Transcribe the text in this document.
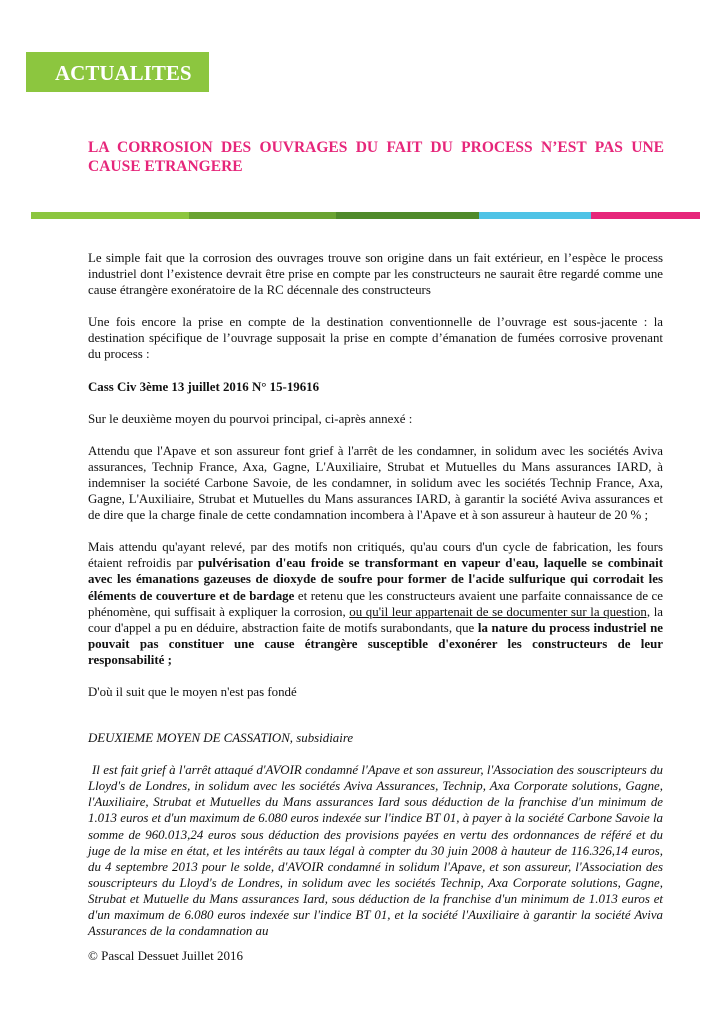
ACTUALITES
LA CORROSION DES OUVRAGES DU FAIT DU PROCESS N’EST PAS UNE CAUSE ETRANGERE

Le simple fait que la corrosion des ouvrages trouve son origine dans un fait extérieur, en l’espèce le process industriel dont l’existence devrait être prise en compte par les constructeurs ne saurait être regardé comme une cause étrangère exonératoire de la RC décennale des constructeurs

Une fois encore la prise en compte de la destination conventionnelle de l’ouvrage est sous-jacente : la destination spécifique de l’ouvrage supposait la prise en compte d’émanation de fumées corrosive provenant du process :

Cass Civ 3ème 13 juillet 2016 N° 15-19616

Sur le deuxième moyen du pourvoi principal, ci-après annexé :

Attendu que l'Apave et son assureur font grief à l'arrêt de les condamner, in solidum avec les sociétés Aviva assurances, Technip France, Axa, Gagne, L'Auxiliaire, Strubat et Mutuelles du Mans assurances IARD, à indemniser la société Carbone Savoie, de les condamner, in solidum avec les sociétés Technip France, Axa, Gagne, L'Auxiliaire, Strubat et Mutuelles du Mans assurances IARD, à garantir la société Aviva assurances et de dire que la charge finale de cette condamnation incombera à l'Apave et à son assureur à hauteur de 20 % ;

Mais attendu qu'ayant relevé, par des motifs non critiqués, qu'au cours d'un cycle de fabrication, les fours étaient refroidis par pulvérisation d'eau froide se transformant en vapeur d'eau, laquelle se combinait avec les émanations gazeuses de dioxyde de soufre pour former de l'acide sulfurique qui corrodait les éléments de couverture et de bardage et retenu que les constructeurs avaient une parfaite connaissance de ce phénomène, qui suffisait à expliquer la corrosion, ou qu'il leur appartenait de se documenter sur la question, la cour d'appel a pu en déduire, abstraction faite de motifs surabondants, que la nature du process industriel ne pouvait pas constituer une cause étrangère susceptible d'exonérer les constructeurs de leur responsabilité ;

D'où il suit que le moyen n'est pas fondé

DEUXIEME MOYEN DE CASSATION, subsidiaire

Il est fait grief à l'arrêt attaqué d'AVOIR condamné l'Apave et son assureur, l'Association des souscripteurs du Lloyd's de Londres, in solidum avec les sociétés Aviva Assurances, Technip, Axa Corporate solutions, Gagne, l'Auxiliaire, Strubat et Mutuelles du Mans assurances Iard sous déduction de la franchise d'un minimum de 1.013 euros et d'un maximum de 6.080 euros indexée sur l'indice BT 01, à payer à la société Carbone Savoie la somme de 960.013,24 euros sous déduction des provisions payées en vertu des ordonnances de référé et du juge de la mise en état, et les intérêts au taux légal à compter du 30 juin 2008 à hauteur de 116.326,14 euros, du 4 septembre 2013 pour le solde, d'AVOIR condamné in solidum l'Apave, et son assureur, l'Association des souscripteurs du Lloyd's de Londres, in solidum avec les sociétés Technip, Axa Corporate solutions, Gagne, Strubat et Mutuelle du Mans assurances Iard, sous déduction de la franchise d'un minimum de 1.013 euros et d'un maximum de 6.080 euros indexée sur l'indice BT 01, et la société l'Auxiliaire à garantir la société Aviva Assurances de la condamnation au

© Pascal Dessuet Juillet 2016
